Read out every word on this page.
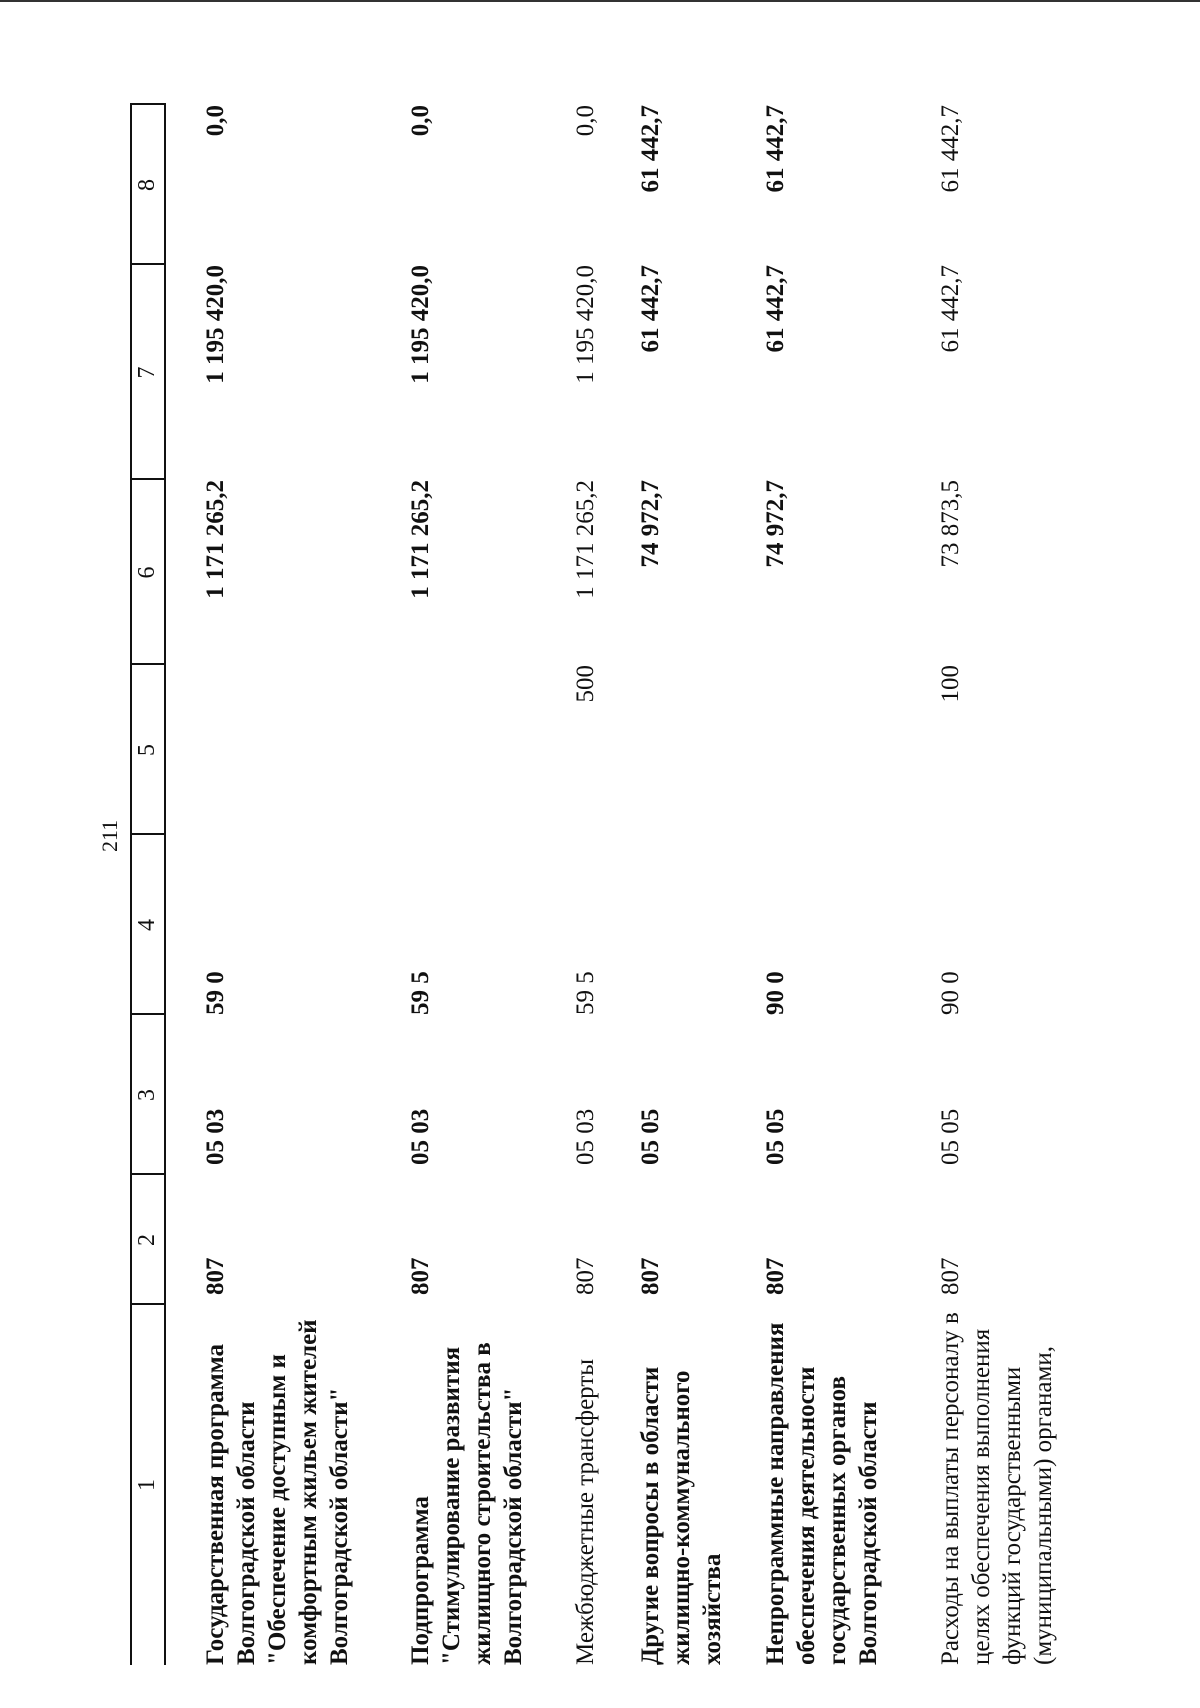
211
1
2
3
4
5
6
7
8
Государственная программа Волгоградской области "Обеспечение доступным и комфортным жильем жителей Волгоградской области"
807
05 03
59 0
1 171 265,2
1 195 420,0
0,0
Подпрограмма "Стимулирование развития жилищного строительства в Волгоградской области"
807
05 03
59 5
1 171 265,2
1 195 420,0
0,0
Межбюджетные трансферты
807
05 03
59 5
500
1 171 265,2
1 195 420,0
0,0
Другие вопросы в области жилищно-коммунального хозяйства
807
05 05
74 972,7
61 442,7
61 442,7
Непрограммные направления обеспечения деятельности государственных органов Волгоградской области
807
05 05
90 0
74 972,7
61 442,7
61 442,7
Расходы на выплаты персоналу в целях обеспечения выполнения функций государственными (муниципальными) органами,
807
05 05
90 0
100
73 873,5
61 442,7
61 442,7
